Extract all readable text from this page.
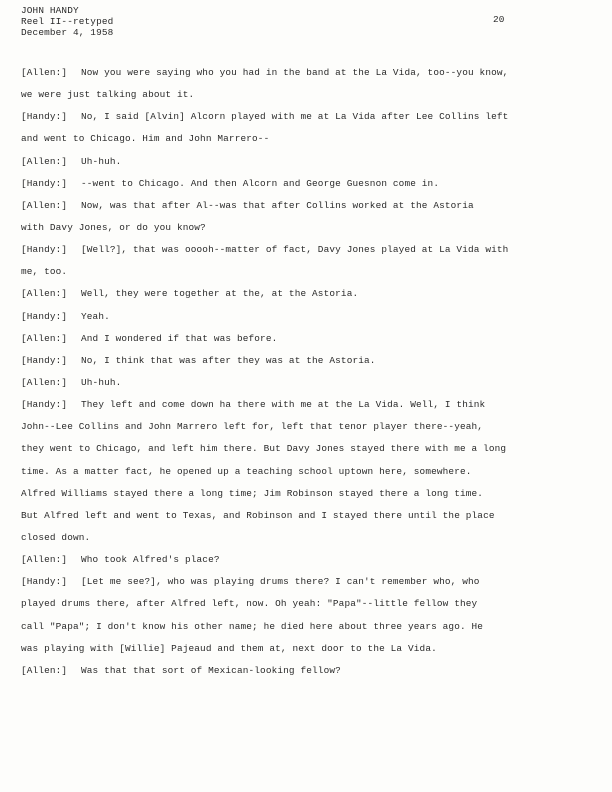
JOHN HANDY
Reel II--retyped
December 4, 1958
20
[Allen:] Now you were saying who you had in the band at the La Vida, too--you know,
we were just talking about it.
[Handy:] No, I said [Alvin] Alcorn played with me at La Vida after Lee Collins left
and went to Chicago. Him and John Marrero--
[Allen:] Uh-huh.
[Handy:] --went to Chicago. And then Alcorn and George Guesnon come in.
[Allen:] Now, was that after Al--was that after Collins worked at the Astoria
with Davy Jones, or do you know?
[Handy:] [Well?], that was ooooh--matter of fact, Davy Jones played at La Vida with
me, too.
[Allen:] Well, they were together at the, at the Astoria.
[Handy:] Yeah.
[Allen:] And I wondered if that was before.
[Handy:] No, I think that was after they was at the Astoria.
[Allen:] Uh-huh.
[Handy:] They left and come down ha there with me at the La Vida. Well, I think
John--Lee Collins and John Marrero left for, left that tenor player there--yeah,
they went to Chicago, and left him there. But Davy Jones stayed there with me a long
time. As a matter fact, he opened up a teaching school uptown here, somewhere.
Alfred Williams stayed there a long time; Jim Robinson stayed there a long time.
But Alfred left and went to Texas, and Robinson and I stayed there until the place
closed down.
[Allen:] Who took Alfred's place?
[Handy:] [Let me see?], who was playing drums there? I can't remember who, who
played drums there, after Alfred left, now. Oh yeah: "Papa"--little fellow they
call "Papa"; I don't know his other name; he died here about three years ago. He
was playing with [Willie] Pajeaud and them at, next door to the La Vida.
[Allen:] Was that that sort of Mexican-looking fellow?
